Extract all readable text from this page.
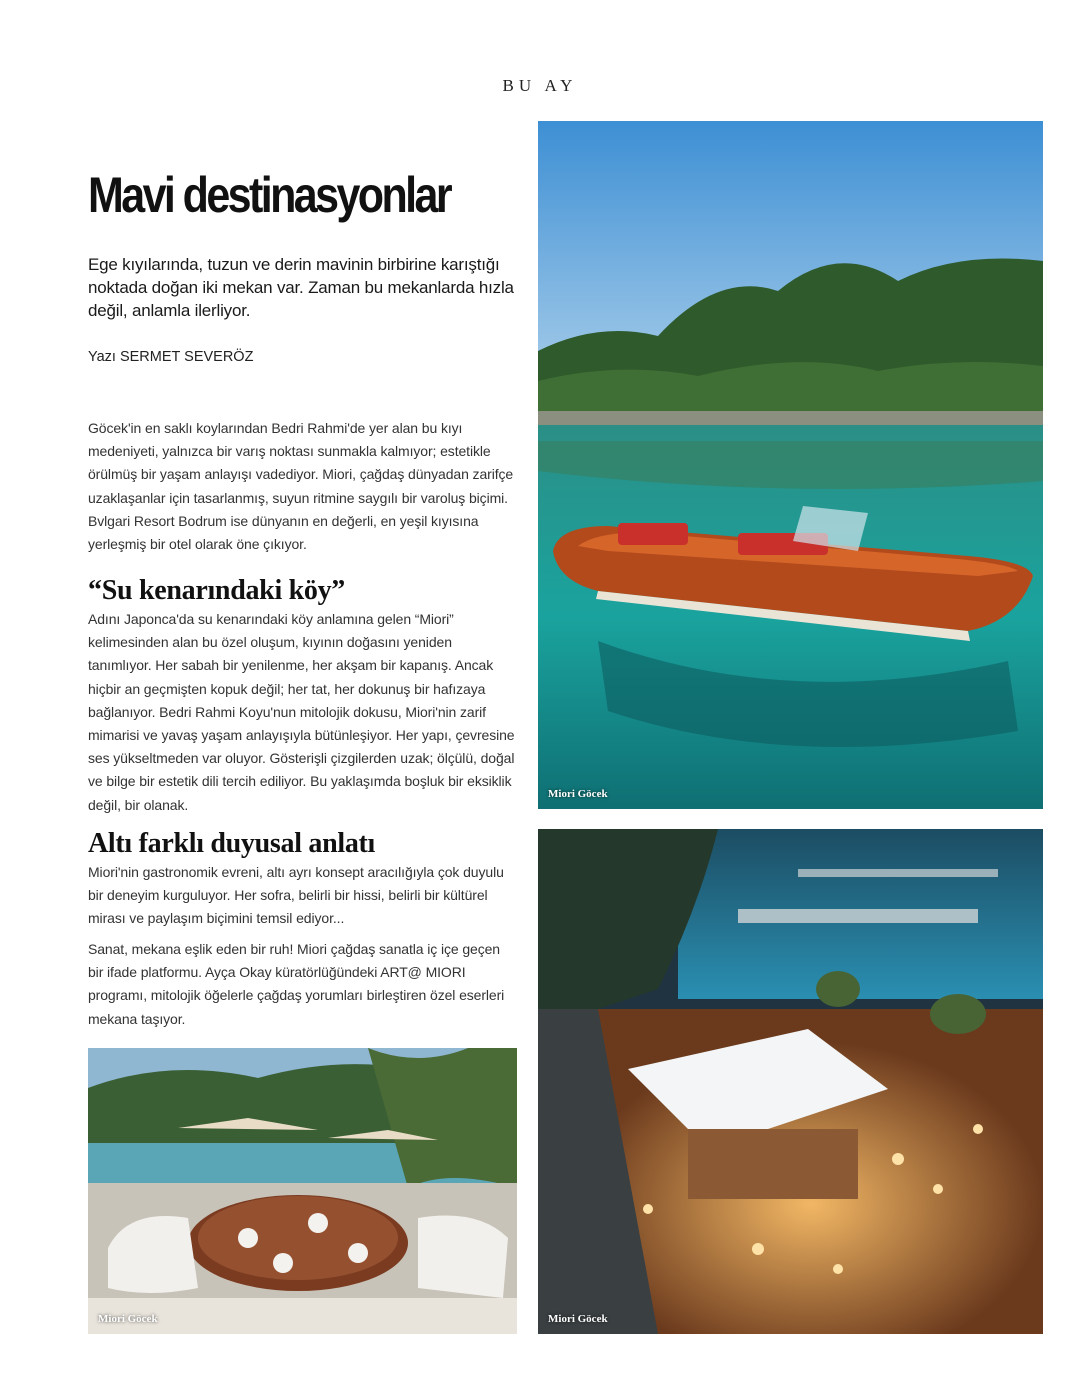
BU AY
Mavi destinasyonlar

Ege kıyılarında, tuzun ve derin mavinin birbirine karıştığı noktada doğan iki mekan var. Zaman bu mekanlarda hızla değil, anlamla ilerliyor.

Yazı SERMET SEVERÖZ

Göcek'in en saklı koylarından Bedri Rahmi'de yer alan bu kıyı medeniyeti, yalnızca bir varış noktası sunmakla kalmıyor; estetikle örülmüş bir yaşam anlayışı vadediyor. Miori, çağdaş dünyadan zarifçe uzaklaşanlar için tasarlanmış, suyun ritmine saygılı bir varoluş biçimi. Bvlgari Resort Bodrum ise dünyanın en değerli, en yeşil kıyısına yerleşmiş bir otel olarak öne çıkıyor.

“Su kenarındaki köy”

Adını Japonca'da su kenarındaki köy anlamına gelen “Miori” kelimesinden alan bu özel oluşum, kıyının doğasını yeniden tanımlıyor. Her sabah bir yenilenme, her akşam bir kapanış. Ancak hiçbir an geçmişten kopuk değil; her tat, her dokunuş bir hafızaya bağlanıyor. Bedri Rahmi Koyu'nun mitolojik dokusu, Miori'nin zarif mimarisi ve yavaş yaşam anlayışıyla bütünleşiyor. Her yapı, çevresine ses yükseltmeden var oluyor. Gösterişli çizgilerden uzak; ölçülü, doğal ve bilge bir estetik dili tercih ediliyor. Bu yaklaşımda boşluk bir eksiklik değil, bir olanak.

Altı farklı duyusal anlatı

Miori'nin gastronomik evreni, altı ayrı konsept aracılığıyla çok duyulu bir deneyim kurguluyor. Her sofra, belirli bir hissi, belirli bir kültürel mirası ve paylaşım biçimini temsil ediyor...

Sanat, mekana eşlik eden bir ruh! Miori çağdaş sanatla iç içe geçen bir ifade platformu. Ayça Okay küratörlüğündeki ART@ MIORI programı, mitolojik öğelerle çağdaş yorumları birleştiren özel eserleri mekana taşıyor.

Miori Göcek
Miori Göcek	Miori Göcek
